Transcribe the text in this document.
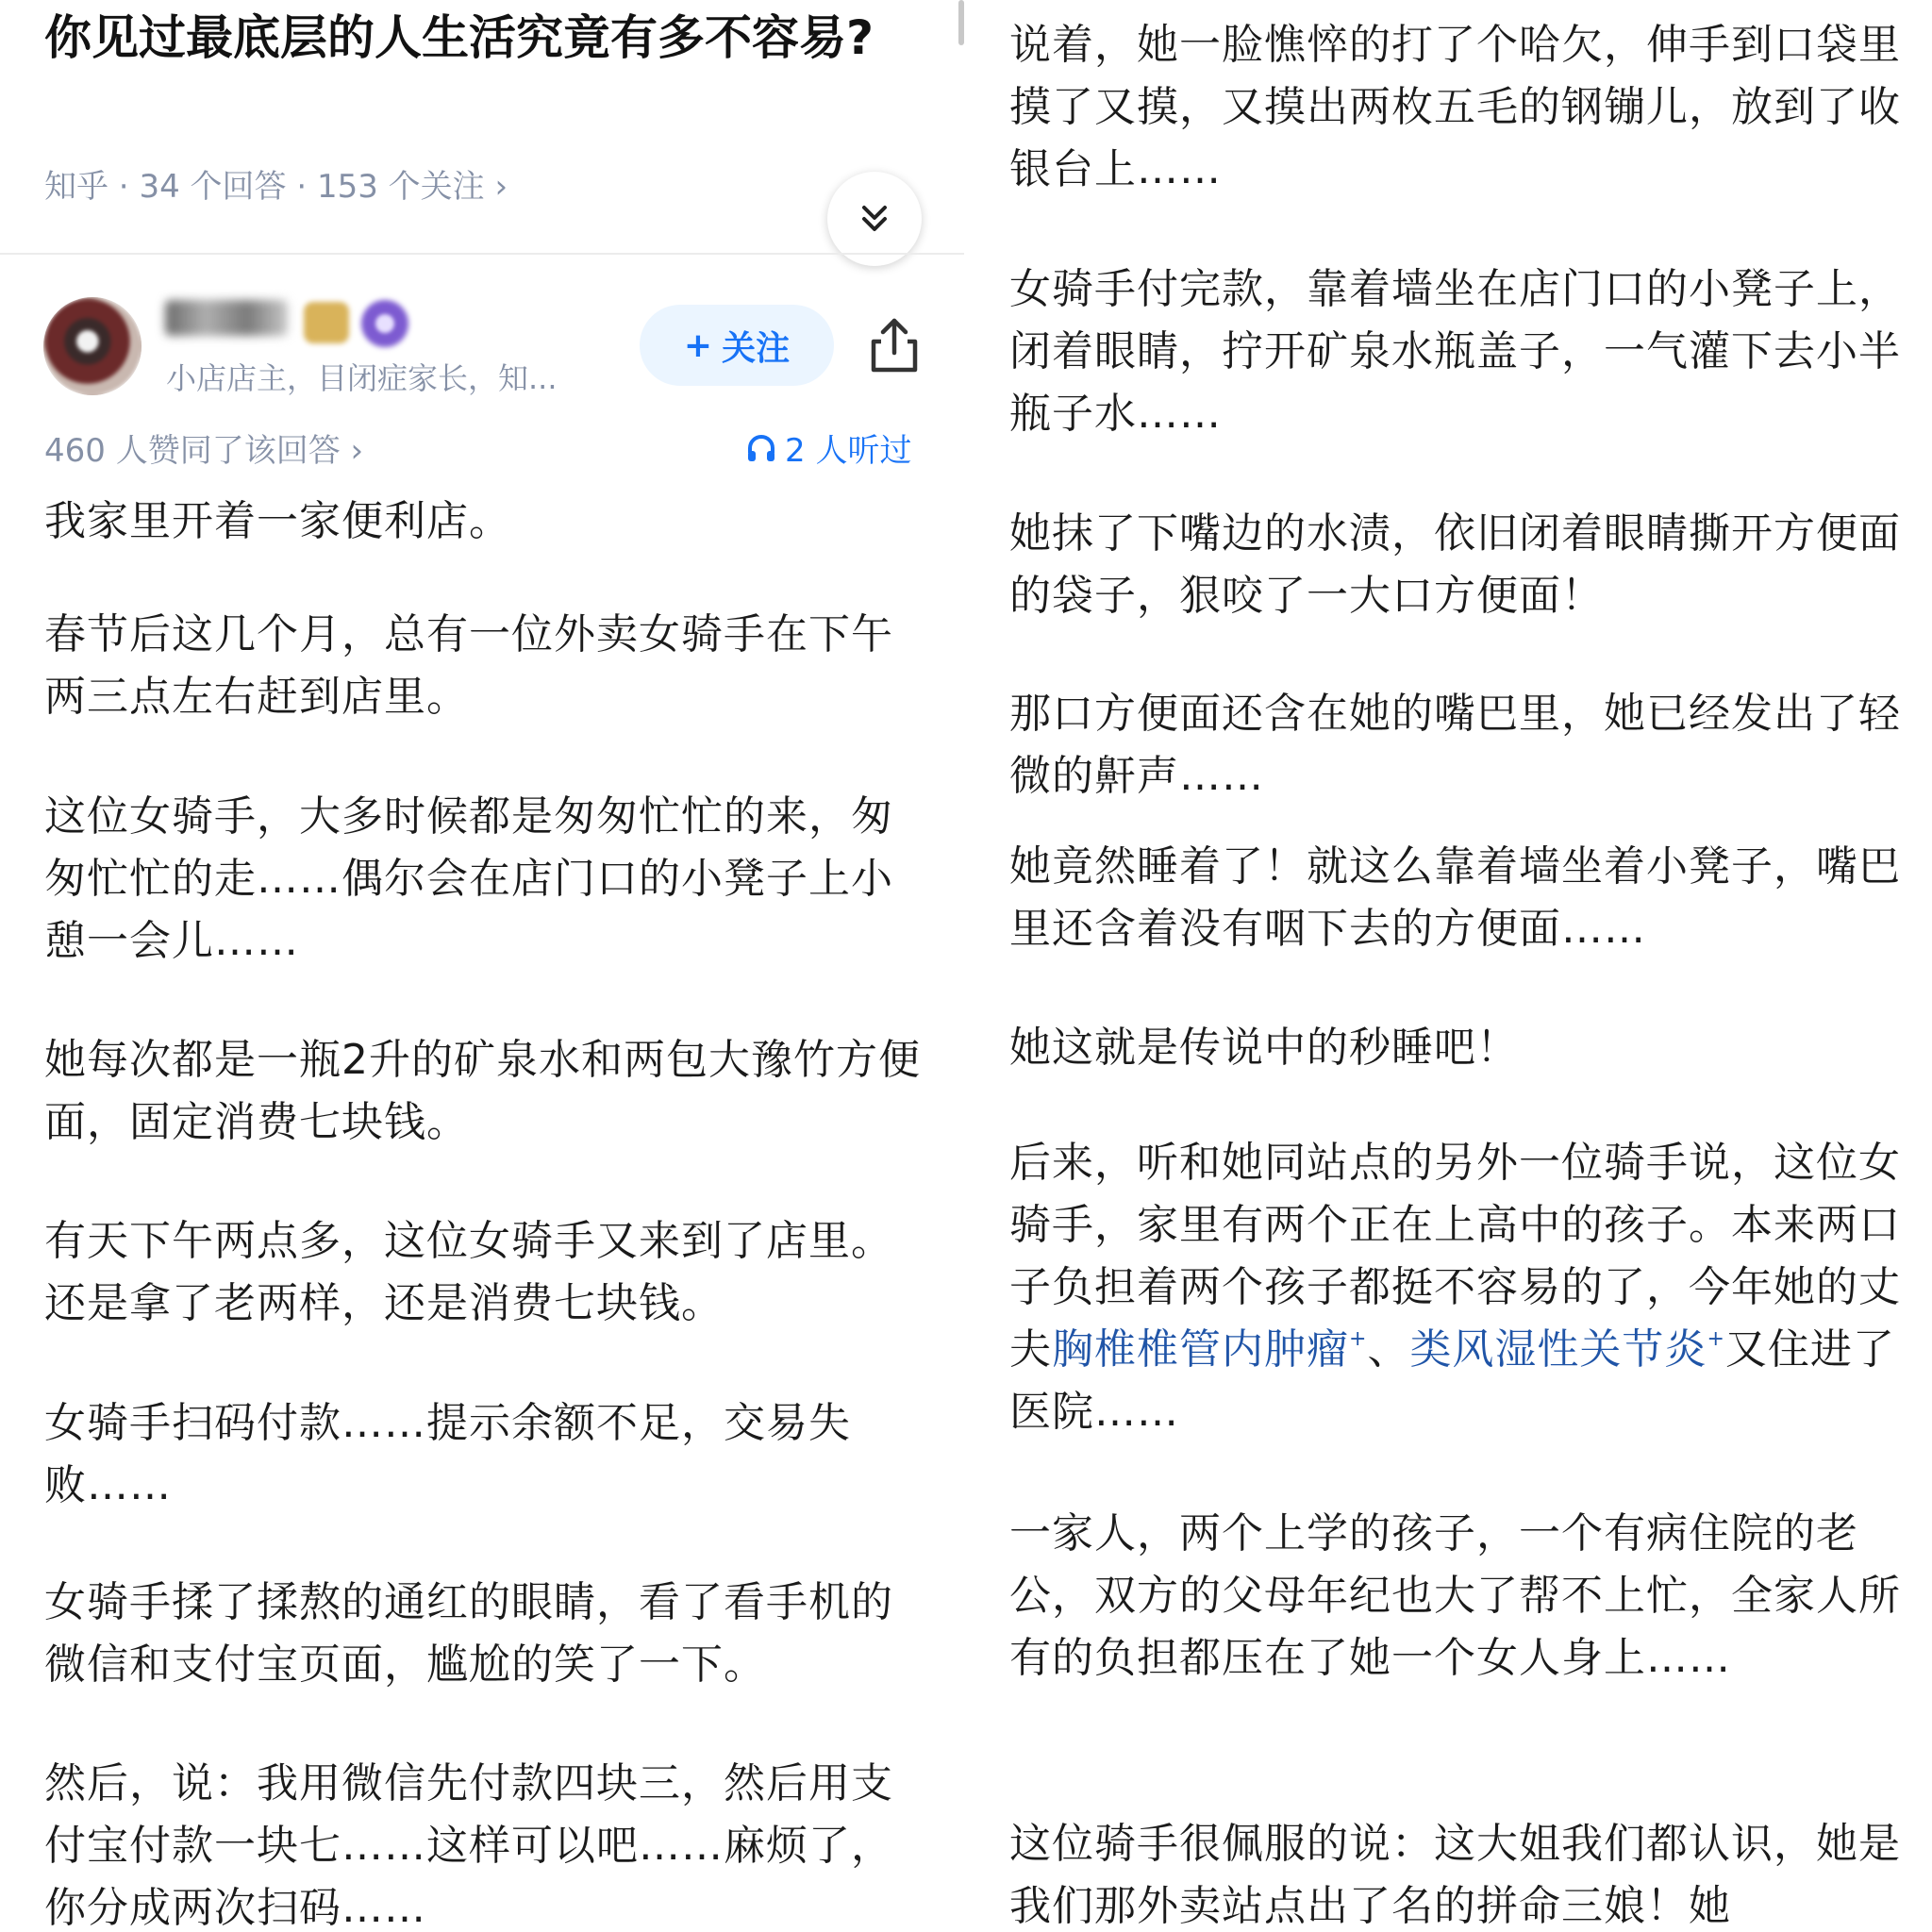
你见过最底层的人生活究竟有多不容易?
知乎 · 34 个回答 · 153 个关注 ›
小店店主，目闭症家长，知...
+ 关注
460 人赞同了该回答 ›	2 人听过

我家里开着一家便利店。

春节后这几个月，总有一位外卖女骑手在下午两三点左右赶到店里。

这位女骑手，大多时候都是匆匆忙忙的来，匆匆忙忙的走……偶尔会在店门口的小凳子上小憩一会儿……

她每次都是一瓶2升的矿泉水和两包大豫竹方便面，固定消费七块钱。

有天下午两点多，这位女骑手又来到了店里。还是拿了老两样，还是消费七块钱。

女骑手扫码付款……提示余额不足，交易失败……

女骑手揉了揉熬的通红的眼睛，看了看手机的微信和支付宝页面，尴尬的笑了一下。

然后，说：我用微信先付款四块三，然后用支付宝付款一块七……这样可以吧……麻烦了，你分成两次扫码……

说着，她一脸憔悴的打了个哈欠，伸手到口袋里摸了又摸，又摸出两枚五毛的钢镚儿，放到了收银台上……

女骑手付完款，靠着墙坐在店门口的小凳子上，闭着眼睛，拧开矿泉水瓶盖子，一气灌下去小半瓶子水……

她抹了下嘴边的水渍，依旧闭着眼睛撕开方便面的袋子，狠咬了一大口方便面！

那口方便面还含在她的嘴巴里，她已经发出了轻微的鼾声……

她竟然睡着了！就这么靠着墙坐着小凳子，嘴巴里还含着没有咽下去的方便面……

她这就是传说中的秒睡吧！

后来，听和她同站点的另外一位骑手说，这位女骑手，家里有两个正在上高中的孩子。本来两口子负担着两个孩子都挺不容易的了，今年她的丈夫胸椎椎管内肿瘤+、类风湿性关节炎+又住进了医院……

一家人，两个上学的孩子，一个有病住院的老公，双方的父母年纪也大了帮不上忙，全家人所有的负担都压在了她一个女人身上……

这位骑手很佩服的说：这大姐我们都认识，她是我们那外卖站点出了名的拼命三娘！她
